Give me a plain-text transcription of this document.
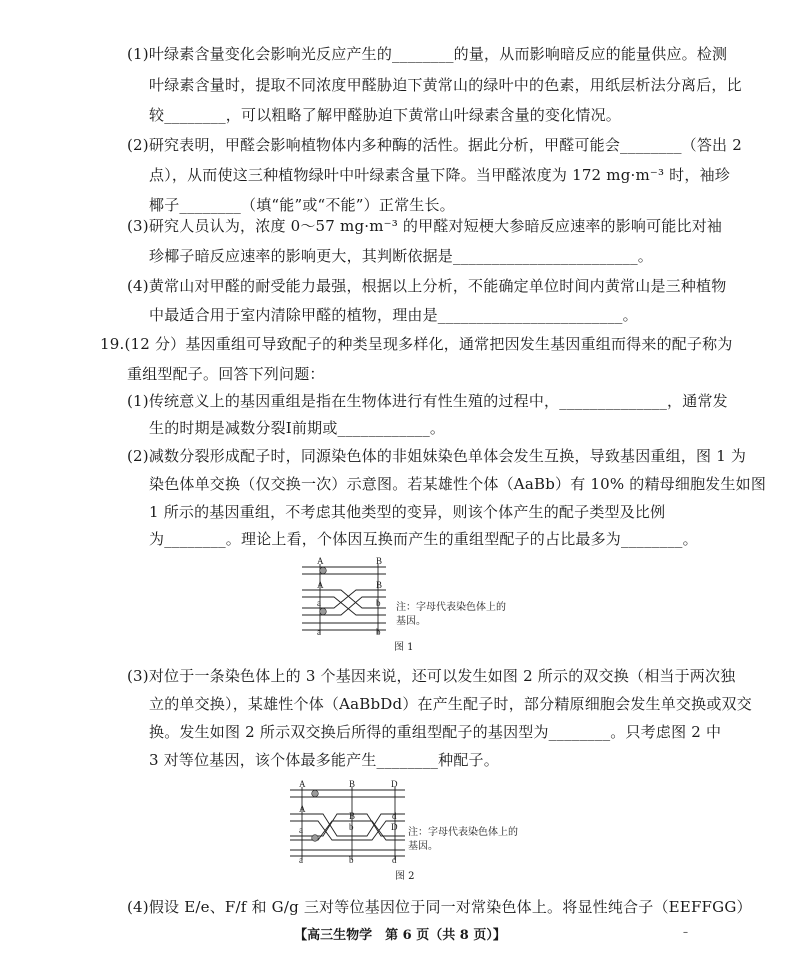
(1)叶绿素含量变化会影响光反应产生的________的量，从而影响暗反应的能量供应。检测
叶绿素含量时，提取不同浓度甲醛胁迫下黄常山的绿叶中的色素，用纸层析法分离后，比
较________，可以粗略了解甲醛胁迫下黄常山叶绿素含量的变化情况。
(2)研究表明，甲醛会影响植物体内多种酶的活性。据此分析，甲醛可能会________（答出 2
点），从而使这三种植物绿叶中叶绿素含量下降。当甲醛浓度为 172 mg·m⁻³ 时，袖珍
椰子________（填“能”或“不能”）正常生长。
(3)研究人员认为，浓度 0～57 mg·m⁻³ 的甲醛对短梗大参暗反应速率的影响可能比对袖
珍椰子暗反应速率的影响更大，其判断依据是________________________。
(4)黄常山对甲醛的耐受能力最强，根据以上分析，不能确定单位时间内黄常山是三种植物
中最适合用于室内清除甲醛的植物，理由是________________________。
19.(12 分）基因重组可导致配子的种类呈现多样化，通常把因发生基因重组而得来的配子称为
重组型配子。回答下列问题：
(1)传统意义上的基因重组是指在生物体进行有性生殖的过程中，______________，通常发
生的时期是减数分裂Ⅰ前期或____________。
(2)减数分裂形成配子时，同源染色体的非姐妹染色单体会发生互换，导致基因重组，图 1 为
染色体单交换（仅交换一次）示意图。若某雄性个体（AaBb）有 10% 的精母细胞发生如图
1 所示的基因重组，不考虑其他类型的变异，则该个体产生的配子类型及比例
为________。理论上看，个体因互换而产生的重组型配子的占比最多为________。
(3)对位于一条染色体上的 3 个基因来说，还可以发生如图 2 所示的双交换（相当于两次独
立的单交换），某雄性个体（AaBbDd）在产生配子时，部分精原细胞会发生单交换或双交
换。发生如图 2 所示双交换后所得的重组型配子的基因型为________。只考虑图 2 中
3 对等位基因，该个体最多能产生________种配子。
(4)假设 E/e、F/f 和 G/g 三对等位基因位于同一对常染色体上。将显性纯合子（EEFFGG）
A	B
A
a
B
b
a	b
注：字母代表染色体上的
基因。
图 1
A	B	D
A
a
B
b
d
D
a	b	d
注：字母代表染色体上的
基因。
图 2
【高三生物学　第 6 页（共 8 页）】	–
